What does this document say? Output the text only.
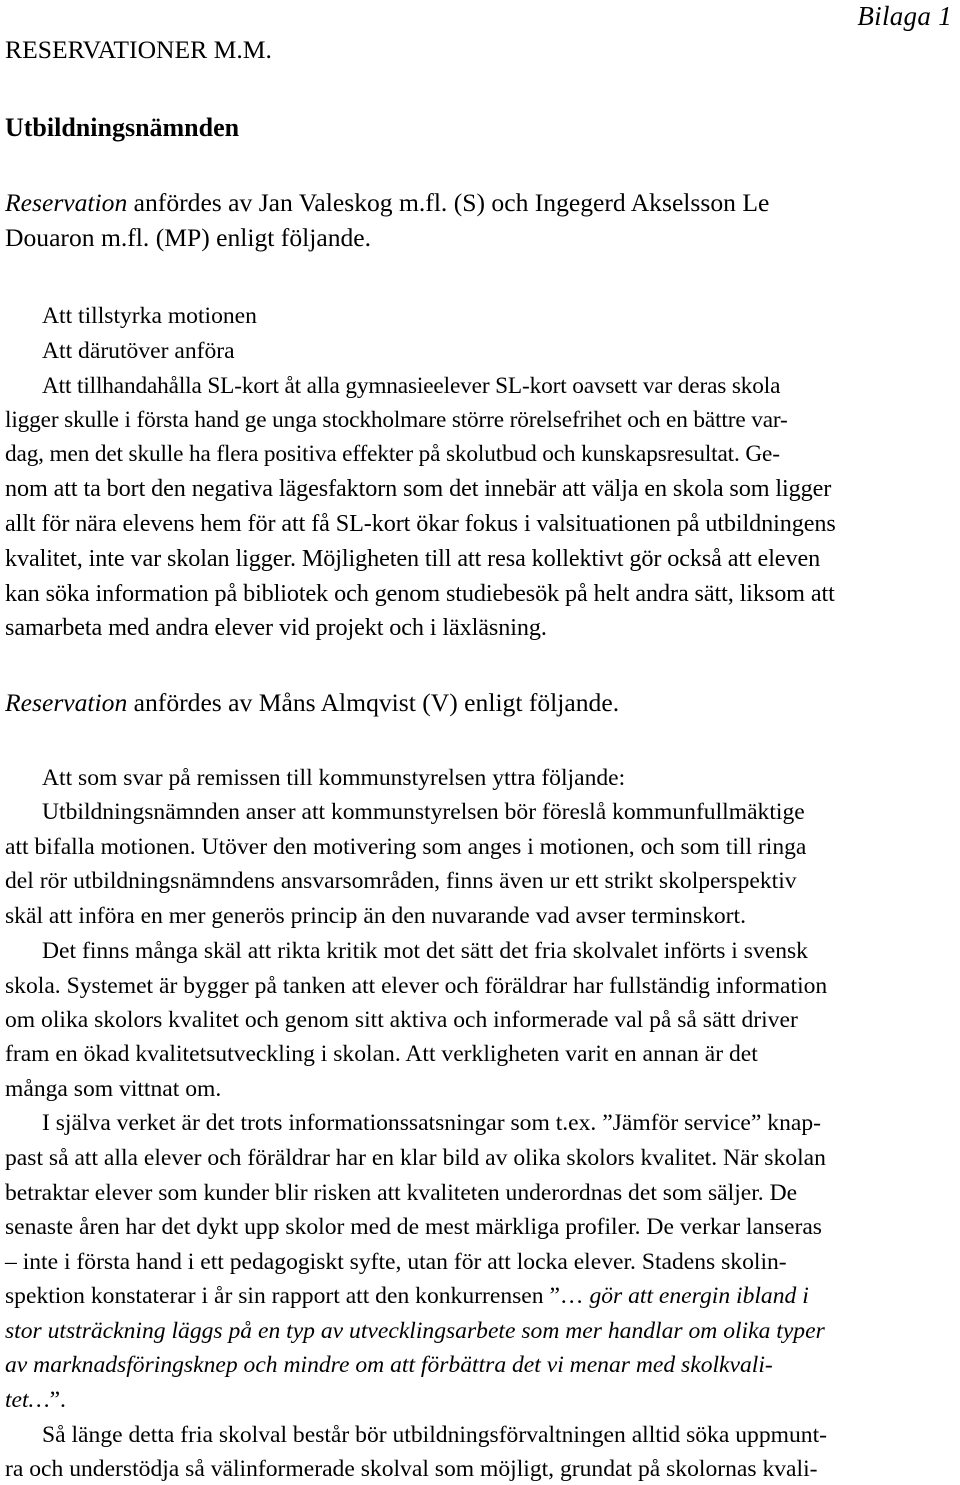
Bilaga 1
RESERVATIONER M.M.
Utbildningsnämnden
Reservation anfördes av Jan Valeskog m.fl. (S) och Ingegerd Akselsson Le
Douaron m.fl. (MP) enligt följande.
Att tillstyrka motionen
Att därutöver anföra
Att tillhandahålla SL-kort åt alla gymnasieelever SL-kort oavsett var deras skola
ligger skulle i första hand ge unga stockholmare större rörelsefrihet och en bättre var-
dag, men det skulle ha flera positiva effekter på skolutbud och kunskapsresultat. Ge-
nom att ta bort den negativa lägesfaktorn som det innebär att välja en skola som ligger
allt för nära elevens hem för att få SL-kort ökar fokus i valsituationen på utbildningens
kvalitet, inte var skolan ligger. Möjligheten till att resa kollektivt gör också att eleven
kan söka information på bibliotek och genom studiebesök på helt andra sätt, liksom att
samarbeta med andra elever vid projekt och i läxläsning.
Reservation anfördes av Måns Almqvist (V) enligt följande.
Att som svar på remissen till kommunstyrelsen yttra följande:
Utbildningsnämnden anser att kommunstyrelsen bör föreslå kommunfullmäktige
att bifalla motionen. Utöver den motivering som anges i motionen, och som till ringa
del rör utbildningsnämndens ansvarsområden, finns även ur ett strikt skolperspektiv
skäl att införa en mer generös princip än den nuvarande vad avser terminskort.
Det finns många skäl att rikta kritik mot det sätt det fria skolvalet införts i svensk
skola. Systemet är bygger på tanken att elever och föräldrar har fullständig information
om olika skolors kvalitet och genom sitt aktiva och informerade val på så sätt driver
fram en ökad kvalitetsutveckling i skolan. Att verkligheten varit en annan är det
många som vittnat om.
I själva verket är det trots informationssatsningar som t.ex. ”Jämför service” knap-
past så att alla elever och föräldrar har en klar bild av olika skolors kvalitet. När skolan
betraktar elever som kunder blir risken att kvaliteten underordnas det som säljer. De
senaste åren har det dykt upp skolor med de mest märkliga profiler. De verkar lanseras
– inte i första hand i ett pedagogiskt syfte, utan för att locka elever. Stadens skolin-
spektion konstaterar i år sin rapport att den konkurrensen ”… gör att energin ibland i
stor utsträckning läggs på en typ av utvecklingsarbete som mer handlar om olika typer
av marknadsföringsknep och mindre om att förbättra det vi menar med skolkvali-
tet…”.
Så länge detta fria skolval består bör utbildningsförvaltningen alltid söka uppmunt-
ra och understödja så välinformerade skolval som möjligt, grundat på skolornas kvali-
